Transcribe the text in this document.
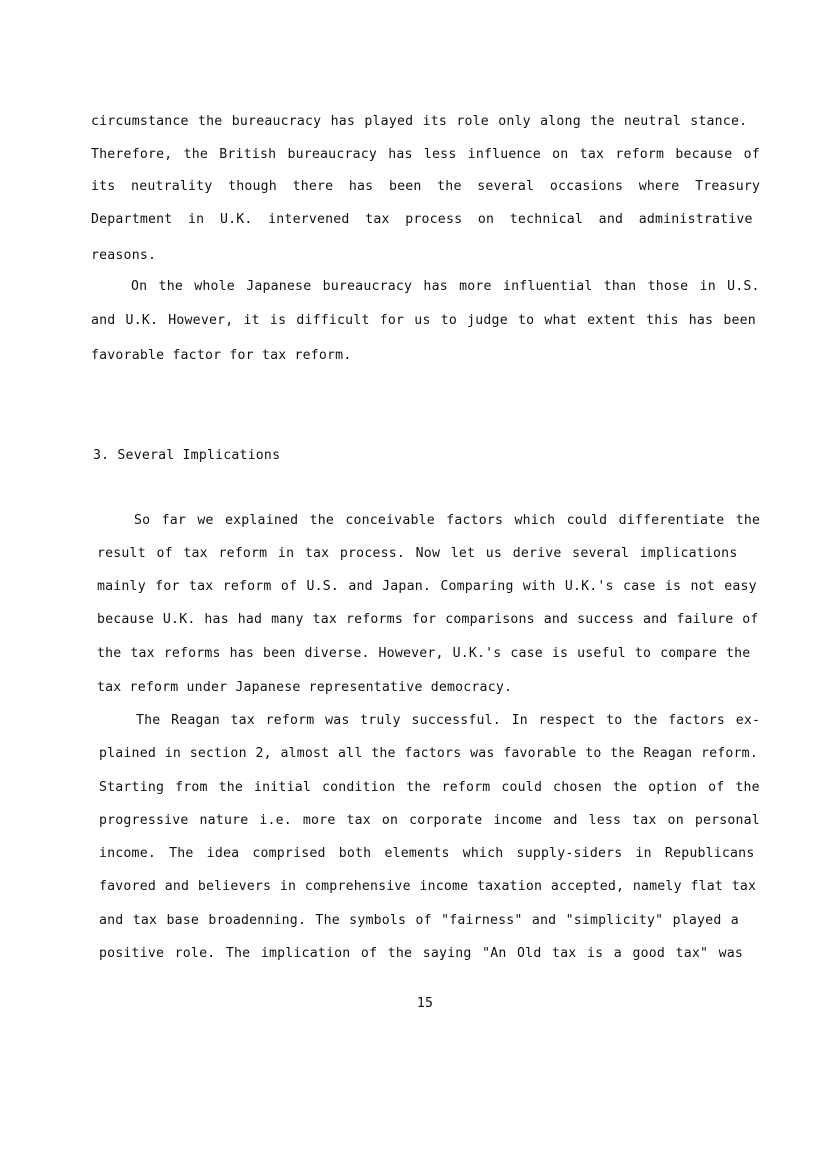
circumstance the bureaucracy has played its role only along the neutral stance.
Therefore, the British bureaucracy has less influence on tax reform because of
its neutrality though there has been the several occasions where Treasury
Department in U.K. intervened tax process on technical and administrative
reasons.
On the whole Japanese bureaucracy has more influential than those in U.S.
and U.K. However, it is difficult for us to judge to what extent this has been
favorable factor for tax reform.
3. Several Implications
So far we explained the conceivable factors which could differentiate the
result of tax reform in tax process. Now let us derive several implications
mainly for tax reform of U.S. and Japan. Comparing with U.K.'s case is not easy
because U.K. has had many tax reforms for comparisons and success and failure of
the tax reforms has been diverse. However, U.K.'s case is useful to compare the
tax reform under Japanese representative democracy.
The Reagan tax reform was truly successful. In respect to the factors ex-
plained in section 2, almost all the factors was favorable to the Reagan reform.
Starting from the initial condition the reform could chosen the option of the
progressive nature i.e. more tax on corporate income and less tax on personal
income. The idea comprised both elements which supply-siders in Republicans
favored and believers in comprehensive income taxation accepted, namely flat tax
and tax base broadenning. The symbols of "fairness" and "simplicity" played a
positive role. The implication of the saying "An Old tax is a good tax" was
15
